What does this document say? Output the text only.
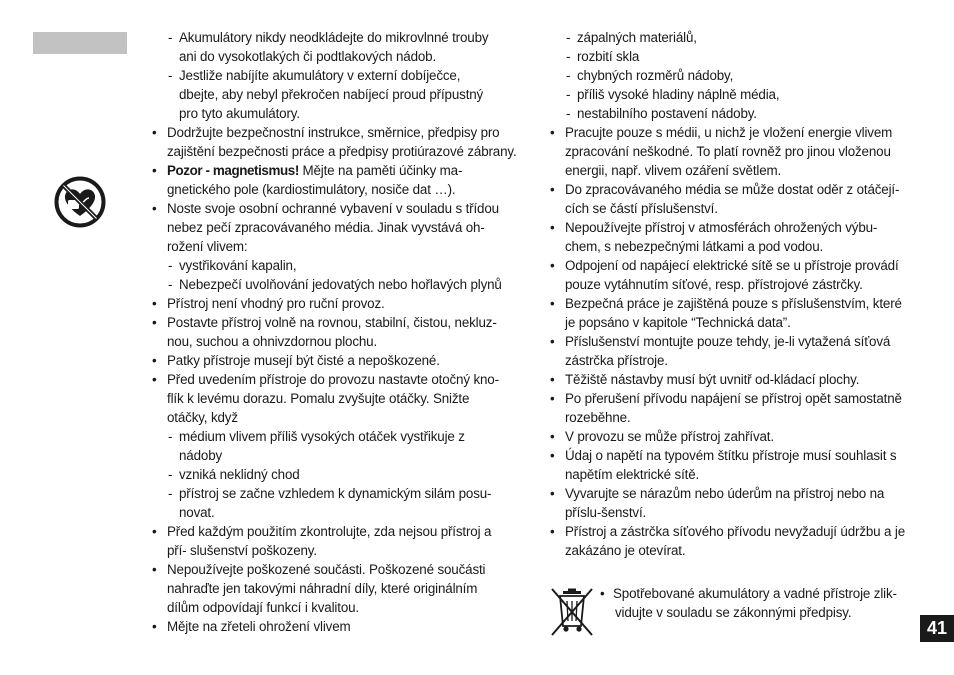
- Akumulátory nikdy neodkládejte do mikrovlnné trouby
ani do vysokotlakých či podtlakových nádob.
- Jestliže nabíjíte akumulátory v externí dobíječce,
dbejte, aby nebyl překročen nabíjecí proud přípustný
pro tyto akumulátory.
• Dodržujte bezpečnostní instrukce, směrnice, předpisy pro
zajištění bezpečnosti práce a předpisy protiúrazové zábrany.
• Pozor - magnetismus! Mějte na paměti účinky ma-
gnetického pole (kardiostimulátory, nosiče dat …).
• Noste svoje osobní ochranné vybavení v souladu s třídou
nebez pečí zpracovávaného média. Jinak vyvstává oh-
rožení vlivem:
- vystřikování kapalin,
- Nebezpečí uvolňování jedovatých nebo hořlavých plynů
• Přístroj není vhodný pro ruční provoz.
• Postavte přístroj volně na rovnou, stabilní, čistou, nekluz-
nou, suchou a ohnivzdornou plochu.
• Patky přístroje musejí být čisté a nepoškozené.
• Před uvedením přístroje do provozu nastavte otočný kno-
flík k levému dorazu. Pomalu zvyšujte otáčky. Snižte
otáčky, když
- médium vlivem příliš vysokých otáček vystřikuje z
nádoby
- vzniká neklidný chod
- přístroj se začne vzhledem k dynamickým silám posu-
novat.
• Před každým použitím zkontrolujte, zda nejsou přístroj a
pří- slušenství poškozeny.
• Nepoužívejte poškozené součásti. Poškozené součásti
nahraďte jen takovými náhradní díly, které originálním
dílům odpovídají funkcí i kvalitou.
• Mějte na zřeteli ohrožení vlivem
- zápalných materiálů,
- rozbití skla
- chybných rozměrů nádoby,
- příliš vysoké hladiny náplně média,
- nestabilního postavení nádoby.
• Pracujte pouze s médii, u nichž je vložení energie vlivem
zpracování neškodné. To platí rovněž pro jinou vloženou
energii, např. vlivem ozáření světlem.
• Do zpracovávaného média se může dostat oděr z otáčejí-
cích se částí příslušenství.
• Nepoužívejte přístroj v atmosférách ohrožených výbu-
chem, s nebezpečnými látkami a pod vodou.
• Odpojení od napájecí elektrické sítě se u přístroje provádí
pouze vytáhnutím síťové, resp. přístrojové zástrčky.
• Bezpečná práce je zajištěná pouze s příslušenstvím, které
je popsáno v kapitole “Technická data”.
• Příslušenství montujte pouze tehdy, je-li vytažená síťová
zástrčka přístroje.
• Těžiště nástavby musí být uvnitř od-kládací plochy.
• Po přerušení přívodu napájení se přístroj opět samostatně
rozeběhne.
• V provozu se může přístroj zahřívat.
• Údaj o napětí na typovém štítku přístroje musí souhlasit s
napětím elektrické sítě.
• Vyvarujte se nárazům nebo úderům na přístroj nebo na
příslu-šenství.
• Přístroj a zástrčka síťového přívodu nevyžadují údržbu a je
zakázáno je otevírat.
• Spotřebované akumulátory a vadné přístroje zlik-
vidujte v souladu se zákonnými předpisy.
41
